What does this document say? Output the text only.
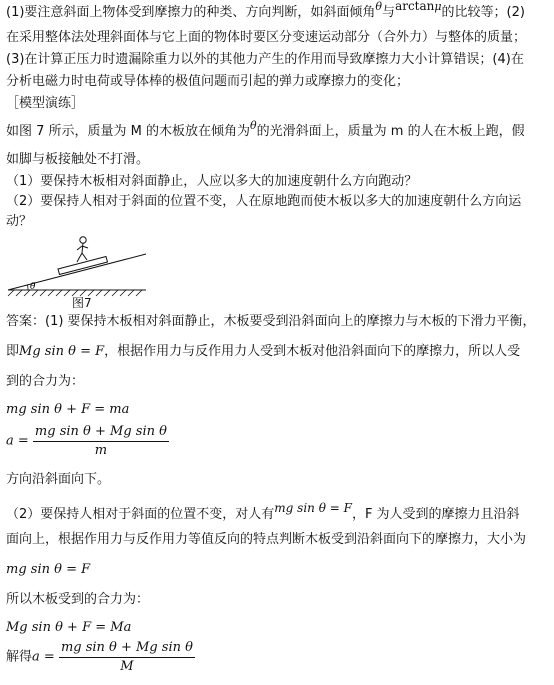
(1)要注意斜面上物体受到摩擦力的种类、方向判断，如斜面倾角$^\theta$与$\arctan^\mu$的比较等；(2)
在采用整体法处理斜面体与它上面的物体时要区分变速运动部分（合外力）与整体的质量；
(3)在计算正压力时遗漏除重力以外的其他力产生的作用而导致摩擦力大小计算错误；(4)在
分析电磁力时电荷或导体棒的极值问题而引起的弹力或摩擦力的变化；
［模型演练］
如图 7 所示，质量为 M 的木板放在倾角为$^\theta$的光滑斜面上，质量为 m 的人在木板上跑，假
如脚与板接触处不打滑。
（1）要保持木板相对斜面静止，人应以多大的加速度朝什么方向跑动？
（2）要保持人相对于斜面的位置不变，人在原地跑而使木板以多大的加速度朝什么方向运
动？
θ
图7
答案：(1) 要保持木板相对斜面静止，木板要受到沿斜面向上的摩擦力与木板的下滑力平衡，
即Mg sin θ = F，根据作用力与反作用力人受到木板对他沿斜面向下的摩擦力，所以人受
到的合力为：
mg sin θ + F = ma
$a = \frac{\text{mg sin θ + Mg sin θ}}{m}$
方向沿斜面向下。
（2）要保持人相对于斜面的位置不变，对人有mg sin θ = F，F 为人受到的摩擦力且沿斜
面向上，根据作用力与反作用力等值反向的特点判断木板受到沿斜面向下的摩擦力，大小为
mg sin θ = F
所以木板受到的合力为：
Mg sin θ + F = Ma
解得$a = \frac{\text{mg sin θ + Mg sin θ}}{M}$
